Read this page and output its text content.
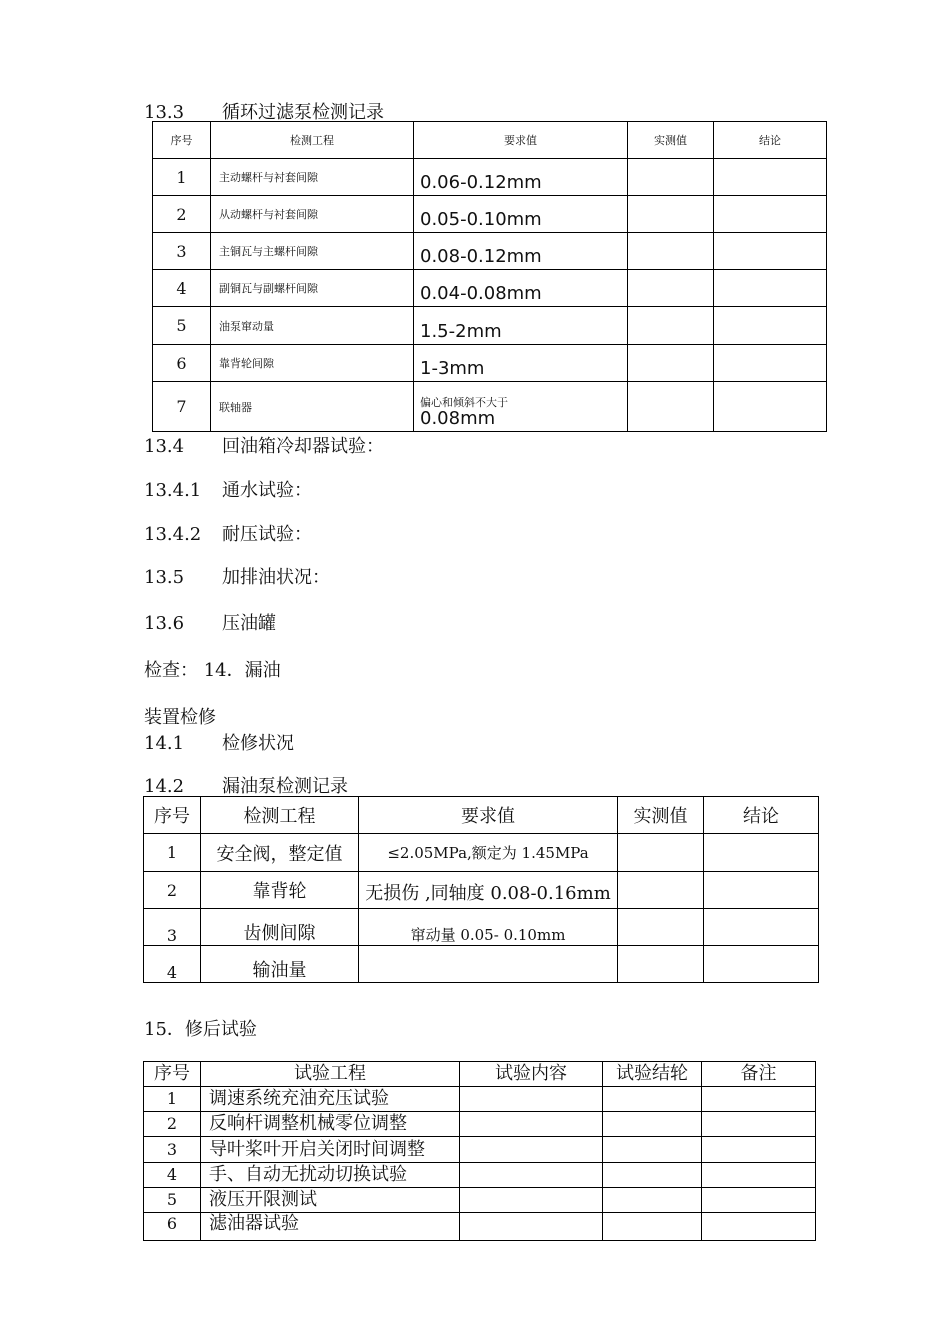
13.3 循环过滤泵检测记录
序号	检测工程	要求值	实测值	结论
1	主动螺杆与衬套间隙	0.06-0.12mm		
2	从动螺杆与衬套间隙	0.05-0.10mm		
3	主铜瓦与主螺杆间隙	0.08-0.12mm		
4	副铜瓦与副螺杆间隙	0.04-0.08mm		
5	油泵窜动量	1.5-2mm		
6	靠背轮间隙	1-3mm		
7	联轴器	偏心和倾斜不大于
0.08mm		
13.4 回油箱冷却器试验：
13.4.1 通水试验：
13.4.2 耐压试验：
13.5 加排油状况：
13.6 压油罐
检查： 14．漏油
装置检修
14.1 检修状况
14.2 漏油泵检测记录
序号	检测工程	要求值	实测值	结论
1	安全阀，整定值	≤2.05MPa,额定为 1.45MPa		
2	靠背轮	无损伤 ,同轴度 0.08-0.16mm		
3	齿侧间隙	窜动量 0.05- 0.10mm		
4	输油量			
15．修后试验
序号	试验工程	试验内容	试验结轮	备注
1	调速系统充油充压试验			
2	反响杆调整机械零位调整			
3	导叶桨叶开启关闭时间调整			
4	手、自动无扰动切换试验			
5	液压开限测试			
6	滤油器试验			
